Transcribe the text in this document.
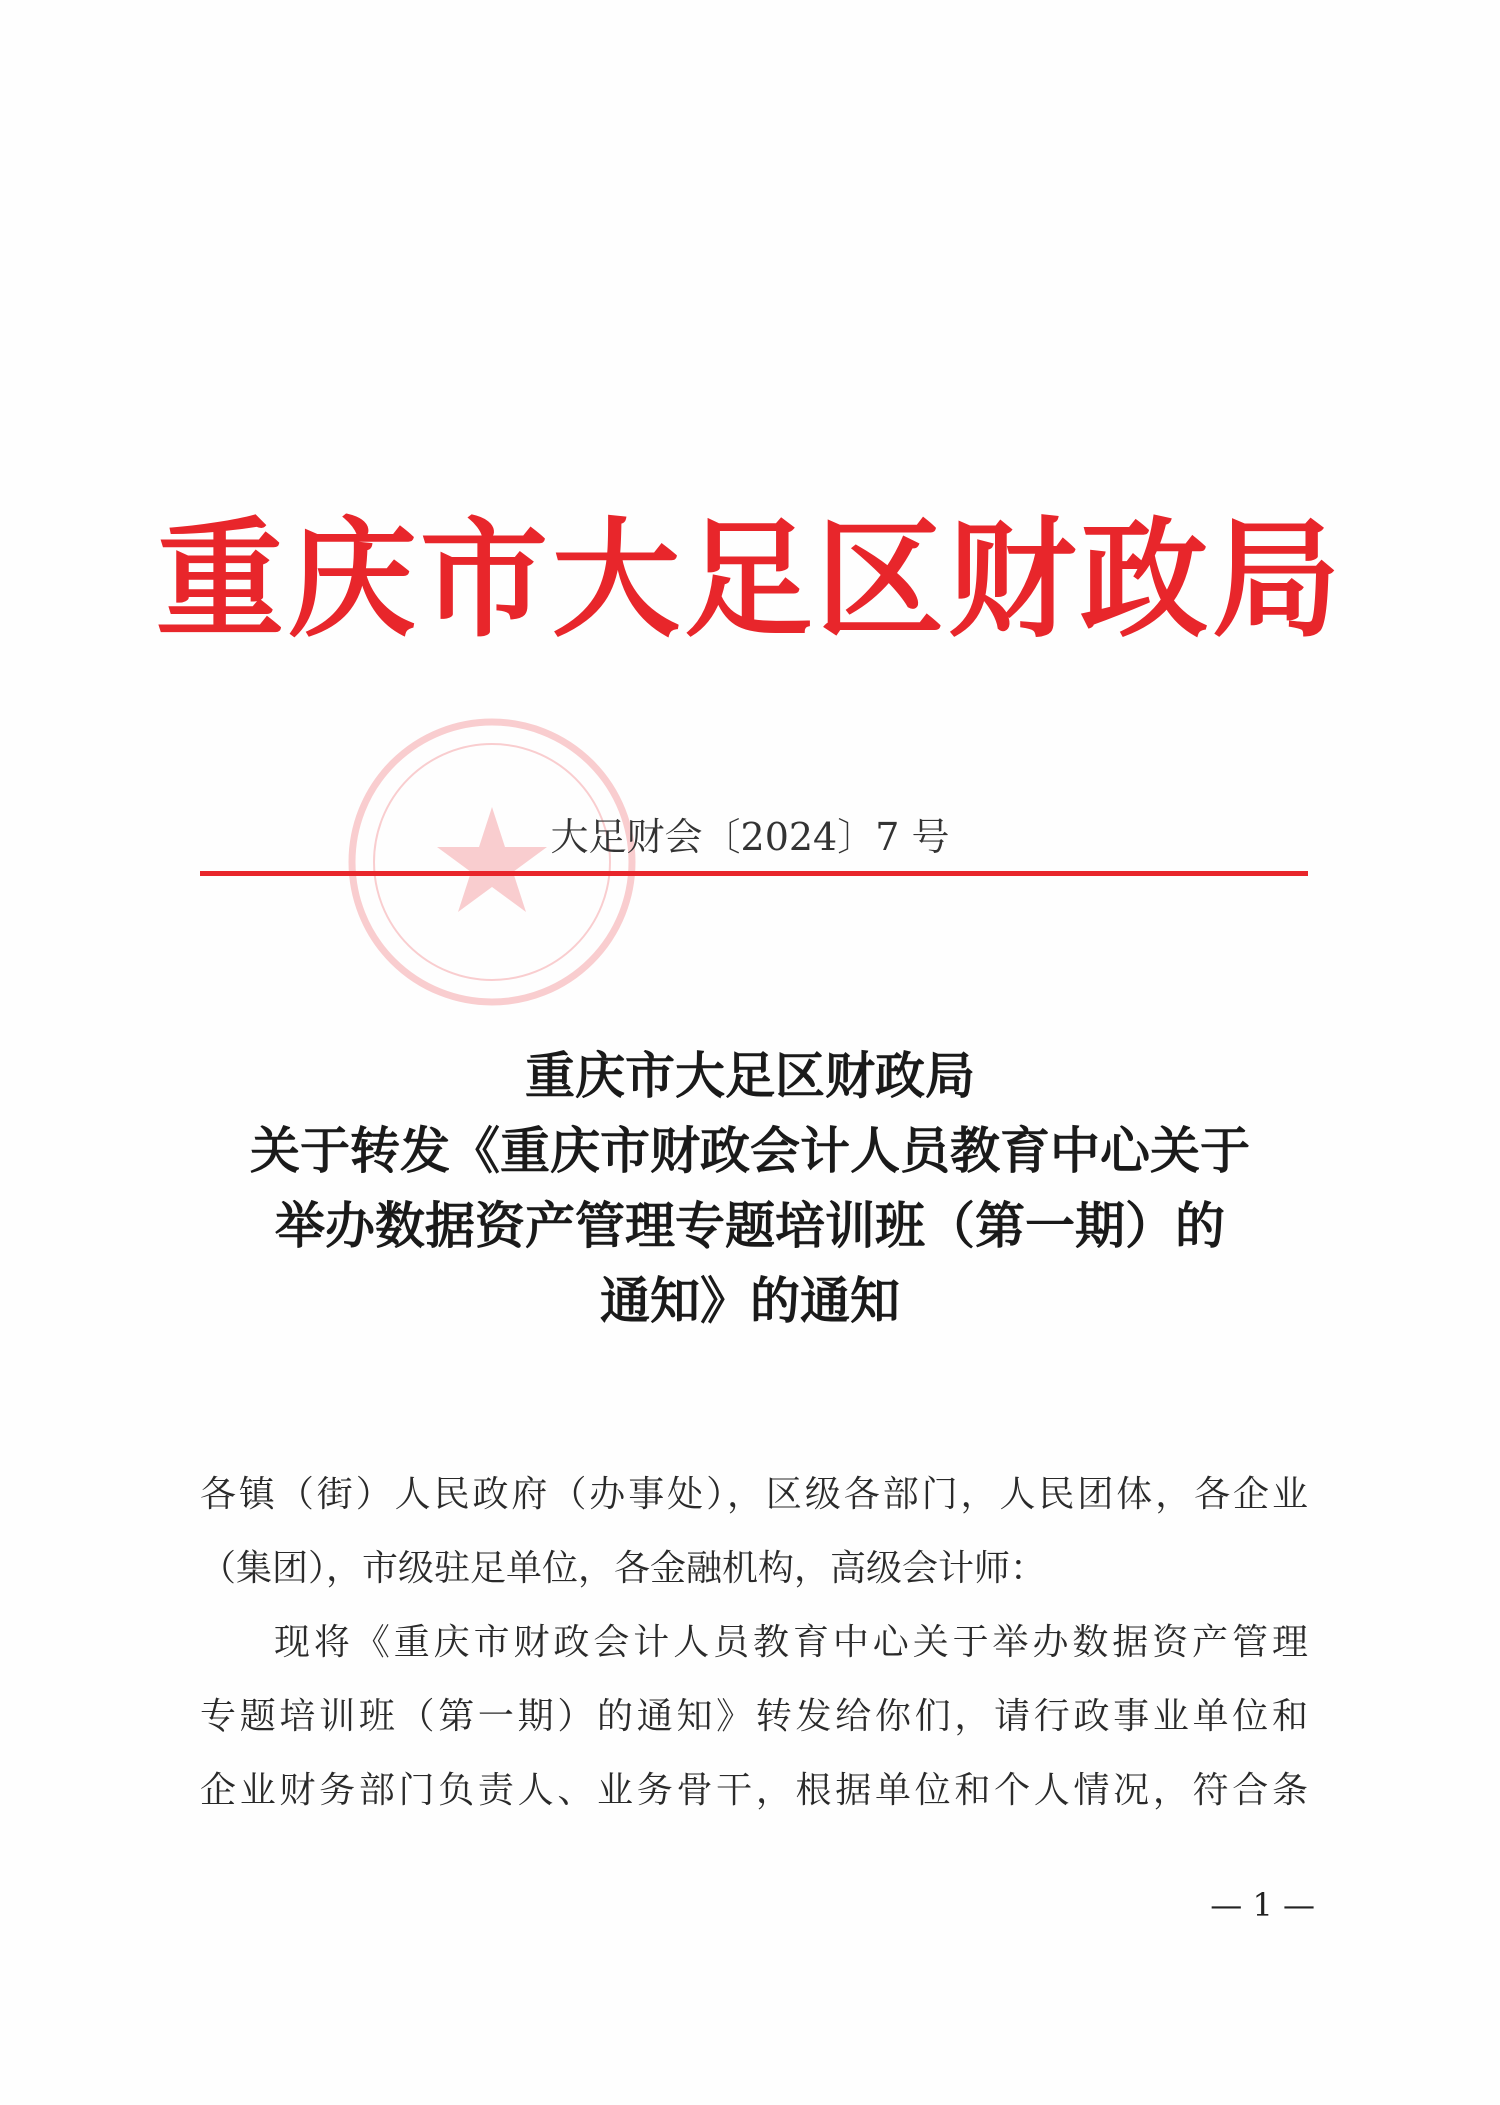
重庆市大足区财政局
大足财会〔2024〕7 号
重庆市大足区财政局
关于转发《重庆市财政会计人员教育中心关于
举办数据资产管理专题培训班（第一期）的
通知》的通知
各镇（街）人民政府（办事处），区级各部门，人民团体，各企业
（集团），市级驻足单位，各金融机构，高级会计师：
现将《重庆市财政会计人员教育中心关于举办数据资产管理
专题培训班（第一期）的通知》转发给你们，请行政事业单位和
企业财务部门负责人、业务骨干，根据单位和个人情况，符合条
— 1 —
